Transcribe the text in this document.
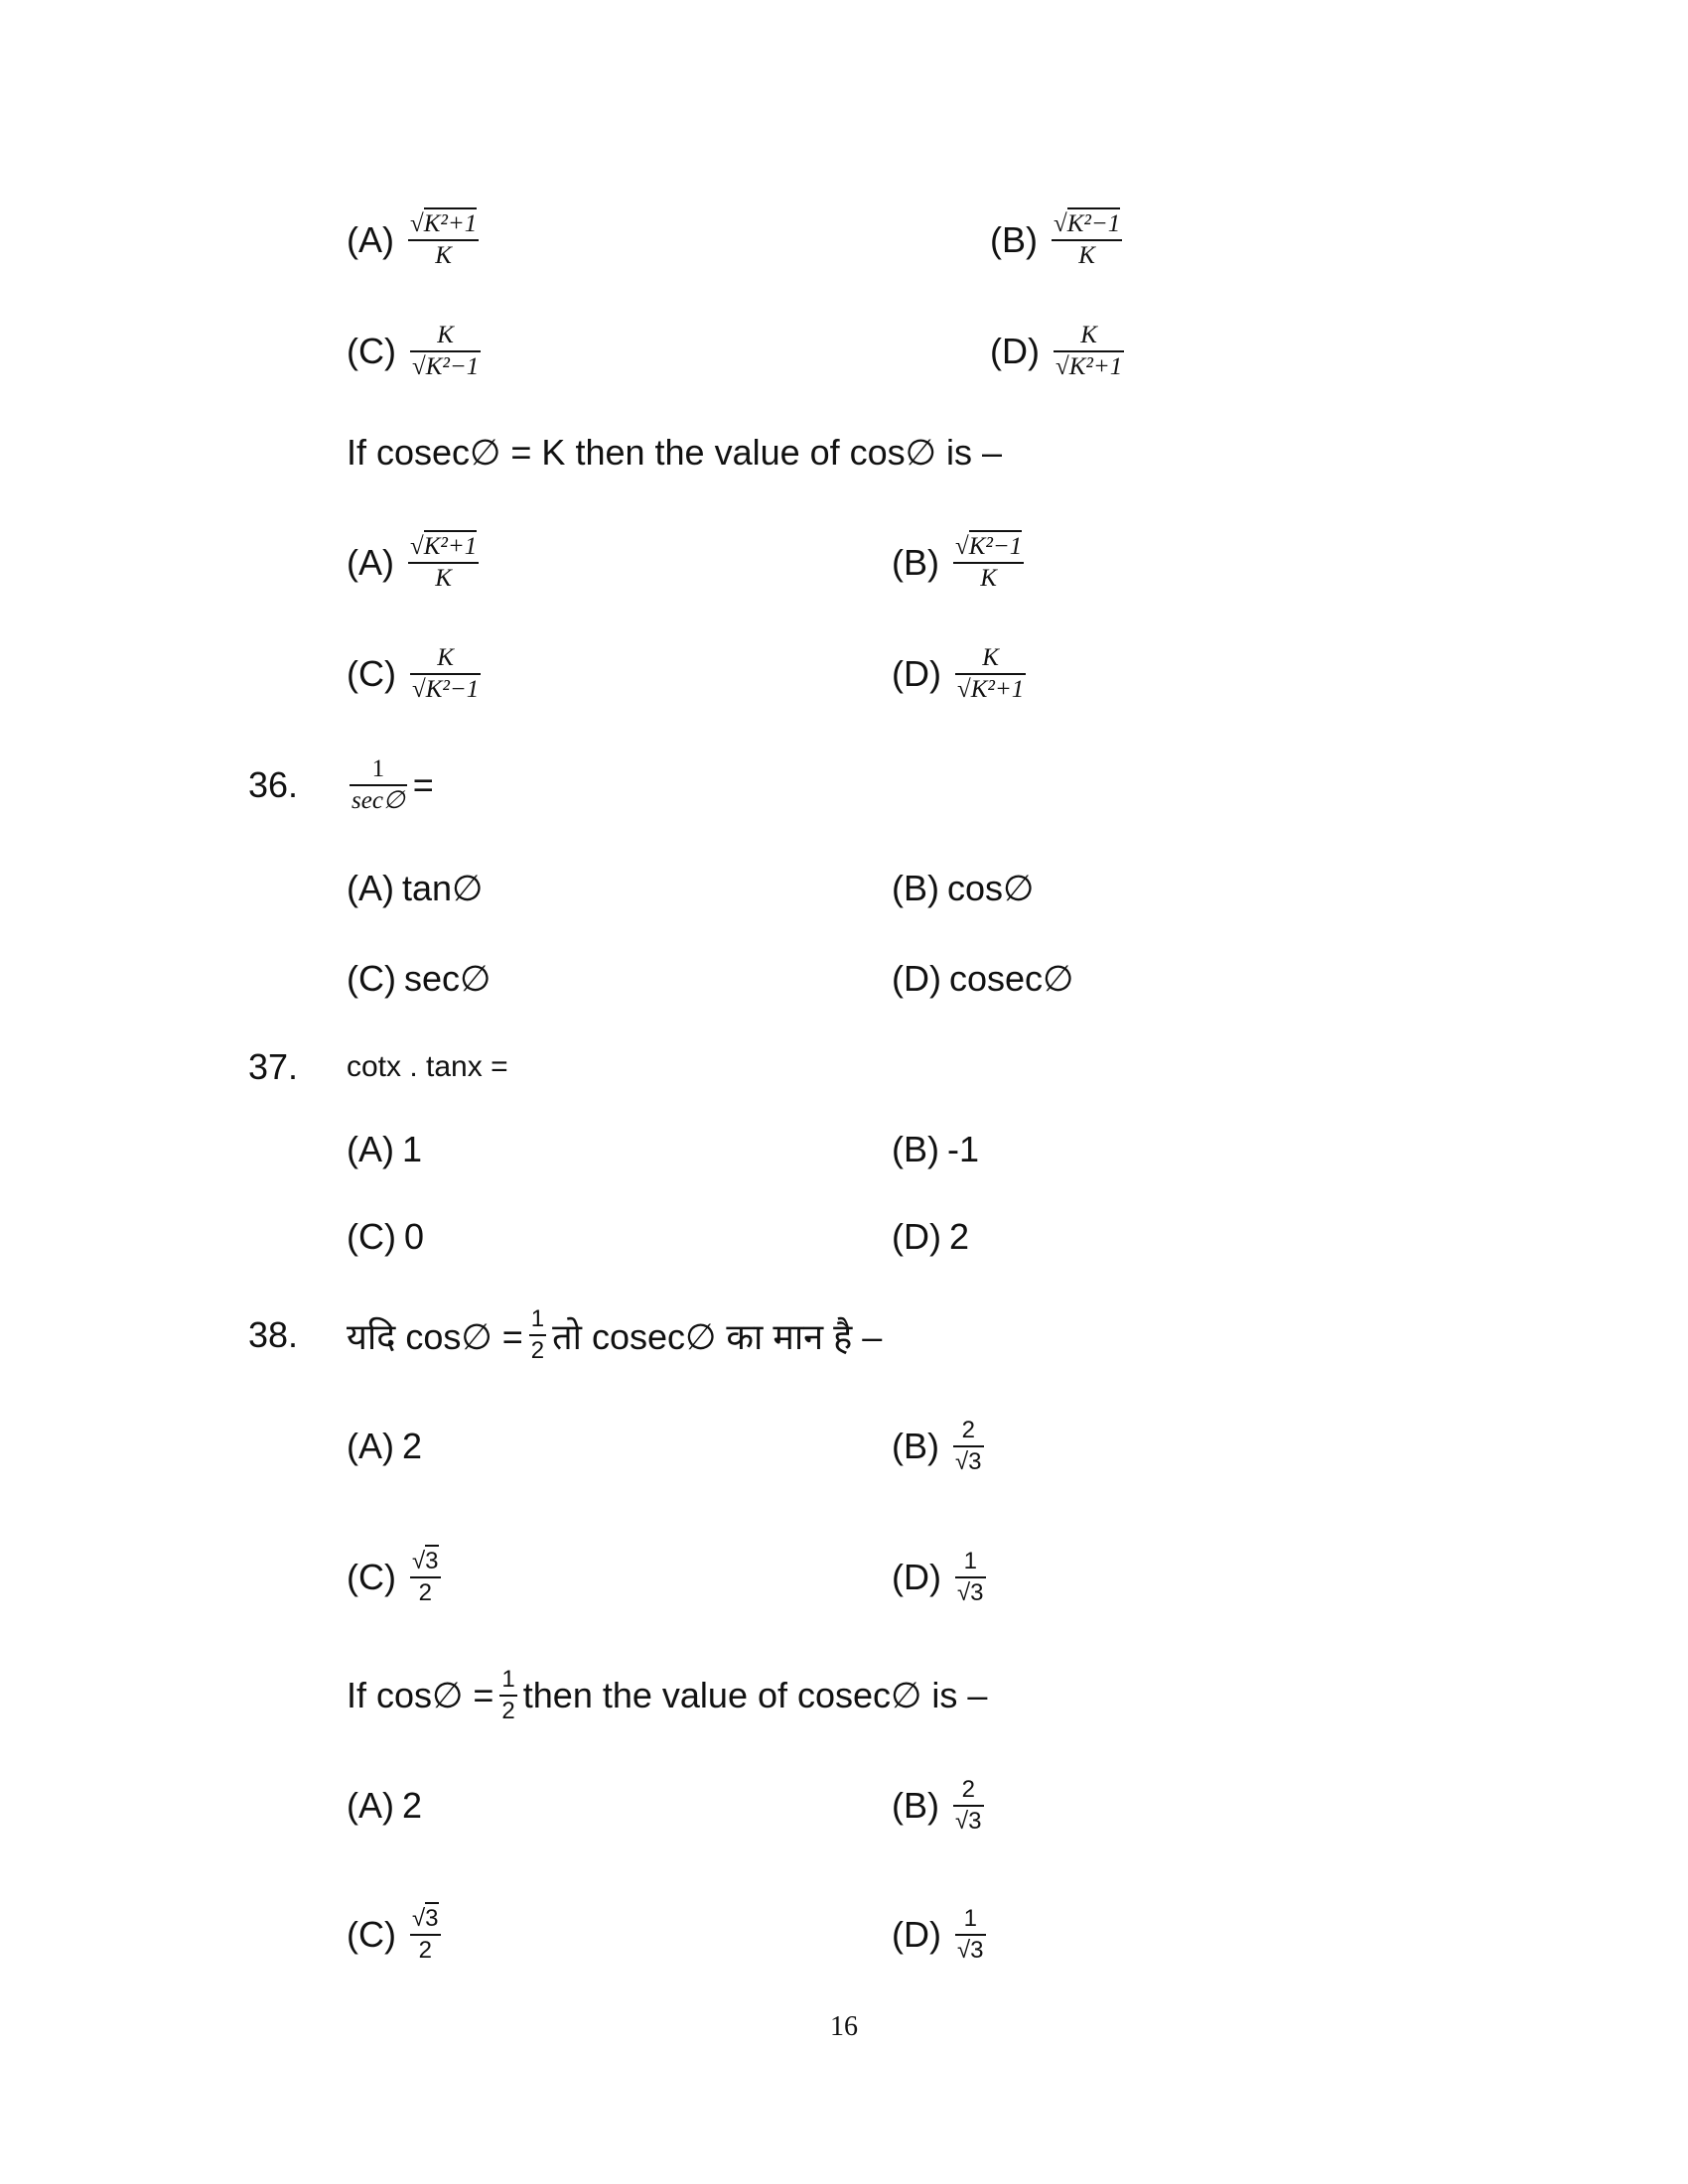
$(A) \frac{\text{√K²+1}}{K}$	$(B) \frac{\text{√K²−1}}{K}$
$(C) \frac{K}{\text{√K²−1}}$	$(D) \frac{K}{\text{√K²+1}}$
If cosec∅ = K then the value of cos∅ is –
$(A) \frac{\text{√K²+1}}{K}$	$(B) \frac{\text{√K²−1}}{K}$
$(C) \frac{K}{\text{√K²−1}}$	$(D) \frac{K}{\text{√K²+1}}$
36. $\frac{1}{\sec\emptyset}$ =
(A) tan∅	(B) cos∅
(C) sec∅	(D) cosec∅
37. cotx . tanx =
(A) 1	(B) -1
(C) 0	(D) 2
38. यदि cos∅ = $\frac{1}{2}$ तो cosec∅ का मान है –
(A) 2	$(B) \frac{2}{√3}$
$(C) \frac{√3}{2}$	$(D) \frac{1}{√3}$
If cos∅ = $\frac{1}{2}$ then the value of cosec∅ is –
(A) 2	$(B) \frac{2}{√3}$
$(C) \frac{√3}{2}$	$(D) \frac{1}{√3}$
16
